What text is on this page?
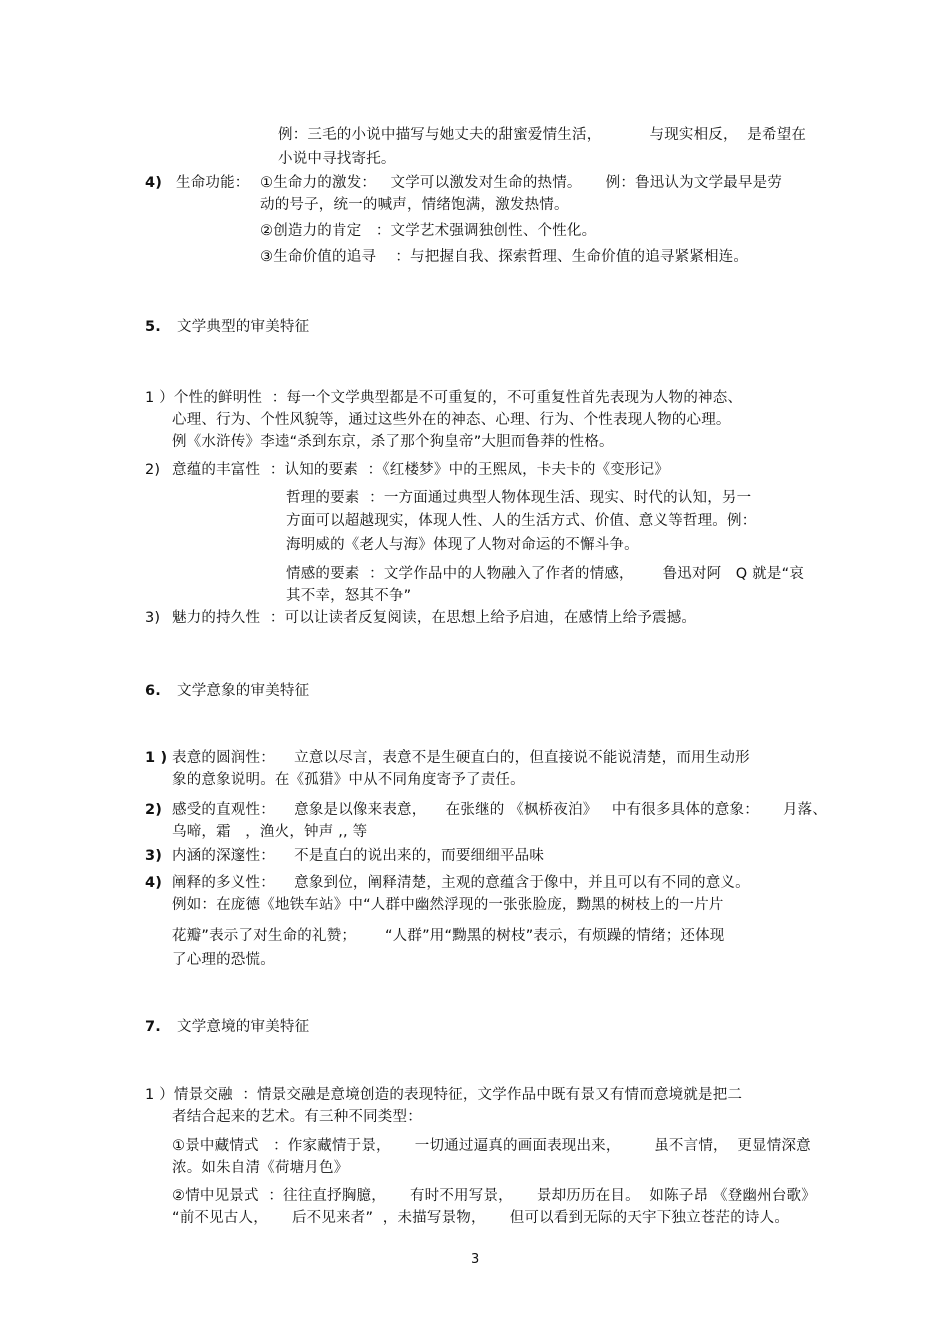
例：三毛的小说中描写与她丈夫的甜蜜爱情生活，          与现实相反，  是希望在
小说中寻找寄托。
4) 生命功能： ①生命力的激发：   文学可以激发对生命的热情。     例：鲁迅认为文学最早是劳
动的号子，统一的喊声，情绪饱满，激发热情。
②创造力的肯定   ：文学艺术强调独创性、个性化。
③生命价值的追寻    ：与把握自我、探索哲理、生命价值的追寻紧紧相连。
5. 文学典型的审美特征
1 ）个性的鲜明性  ：每一个文学典型都是不可重复的，不可重复性首先表现为人物的神态、
心理、行为、个性风貌等，通过这些外在的神态、心理、行为、个性表现人物的心理。
例《水浒传》李逵“杀到东京，杀了那个狗皇帝”大胆而鲁莽的性格。
2) 意蕴的丰富性  ：认知的要素  ：《红楼梦》中的王熙凤，卡夫卡的《变形记》
哲理的要素  ：一方面通过典型人物体现生活、现实、时代的认知，另一
方面可以超越现实，体现人性、人的生活方式、价值、意义等哲理。例：
海明威的《老人与海》体现了人物对命运的不懈斗争。
情感的要素  ：文学作品中的人物融入了作者的情感，      鲁迅对阿   Q 就是“哀
其不幸，怒其不争”
3) 魅力的持久性  ：可以让读者反复阅读，在思想上给予启迪，在感情上给予震撼。
6. 文学意象的审美特征
1 ) 表意的圆润性：    立意以尽言，表意不是生硬直白的，但直接说不能说清楚，而用生动形
象的意象说明。在《孤猎》中从不同角度寄予了责任。
2) 感受的直观性：    意象是以像来表意，    在张继的 《枫桥夜泊》   中有很多具体的意象：     月落、
乌啼，霜   ，渔火，钟声 ,, 等
3) 内涵的深邃性：    不是直白的说出来的，而要细细平品味
4) 阐释的多义性：    意象到位，阐释清楚，主观的意蕴含于像中，并且可以有不同的意义。
例如：在庞德《地铁车站》中“人群中幽然浮现的一张张脸庞，黝黑的树枝上的一片片
花瓣”表示了对生命的礼赞；      “人群”用“黝黑的树枝”表示，有烦躁的情绪；还体现
了心理的恐慌。
7. 文学意境的审美特征
1 ）情景交融  ：情景交融是意境创造的表现特征，文学作品中既有景又有情而意境就是把二
者结合起来的艺术。有三种不同类型：
①景中藏情式   ：作家藏情于景，     一切通过逼真的画面表现出来，       虽不言情，  更显情深意
浓。如朱自清《荷塘月色》
②情中见景式  ：往往直抒胸臆，     有时不用写景，     景却历历在目。  如陈子昂 《登幽州台歌》
“前不见古人，     后不见来者”  ，未描写景物，     但可以看到无际的天宇下独立苍茫的诗人。
3
